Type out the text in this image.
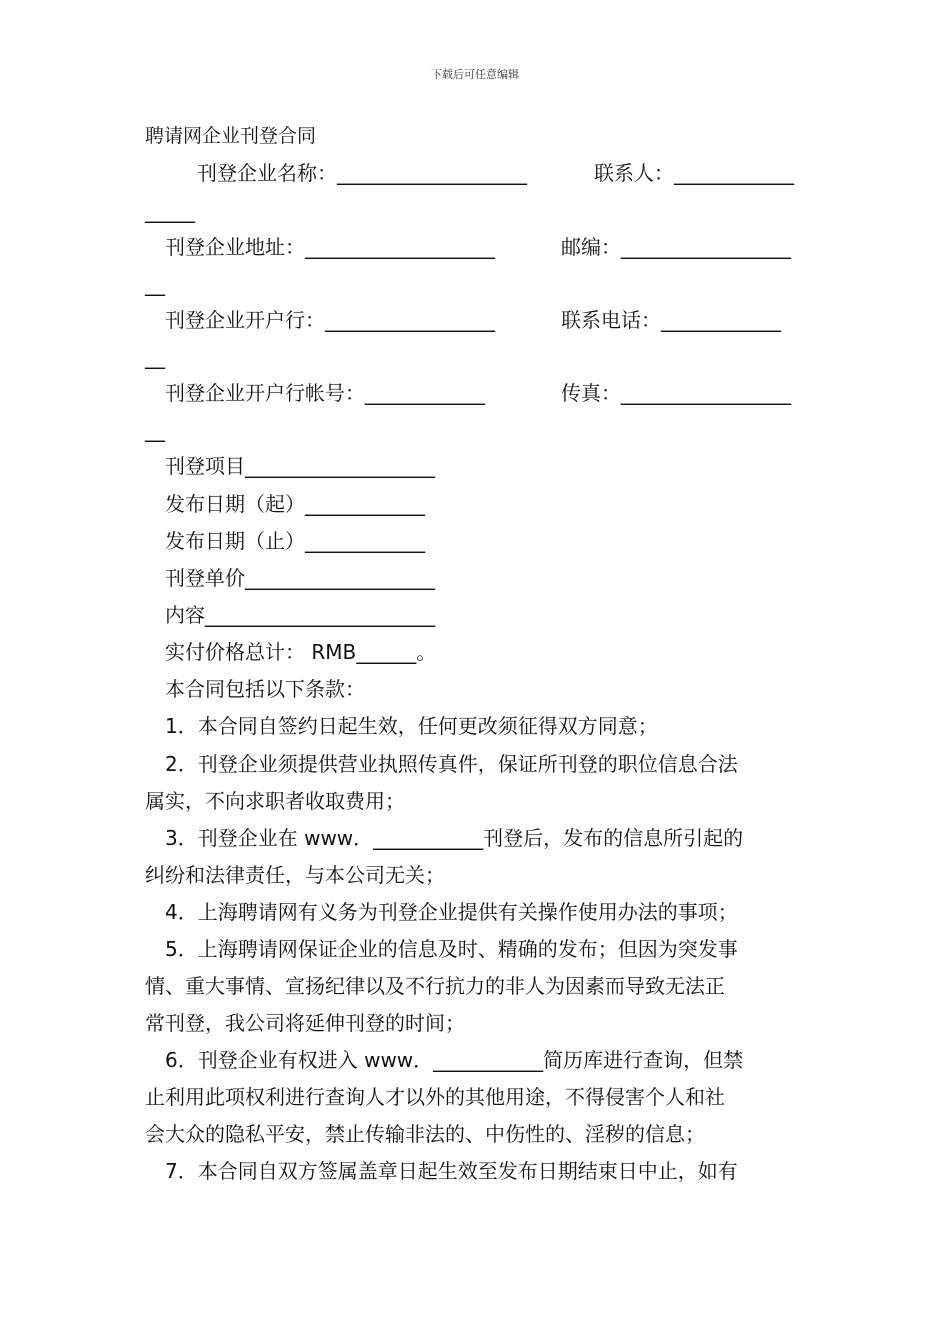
下载后可任意编辑
聘请网企业刊登合同
刊登企业名称：___________________	联系人：____________
_____
刊登企业地址：___________________	邮编：_________________
__
刊登企业开户行：_________________	联系电话：____________
__
刊登企业开户行帐号：____________	传真：_________________
__
刊登项目___________________
发布日期（起）____________
发布日期（止）____________
刊登单价___________________
内容_______________________
实付价格总计： RMB______。
本合同包括以下条款：
1．本合同自签约日起生效，任何更改须征得双方同意；
2．刊登企业须提供营业执照传真件，保证所刊登的职位信息合法
属实，不向求职者收取费用；
3．刊登企业在 www．___________刊登后，发布的信息所引起的
纠纷和法律责任，与本公司无关；
4．上海聘请网有义务为刊登企业提供有关操作使用办法的事项；
5．上海聘请网保证企业的信息及时、精确的发布；但因为突发事
情、重大事情、宣扬纪律以及不行抗力的非人为因素而导致无法正
常刊登，我公司将延伸刊登的时间；
6．刊登企业有权进入 www．___________简历库进行查询，但禁
止利用此项权利进行查询人才以外的其他用途，不得侵害个人和社
会大众的隐私平安，禁止传输非法的、中伤性的、淫秽的信息；
7．本合同自双方签属盖章日起生效至发布日期结束日中止，如有
